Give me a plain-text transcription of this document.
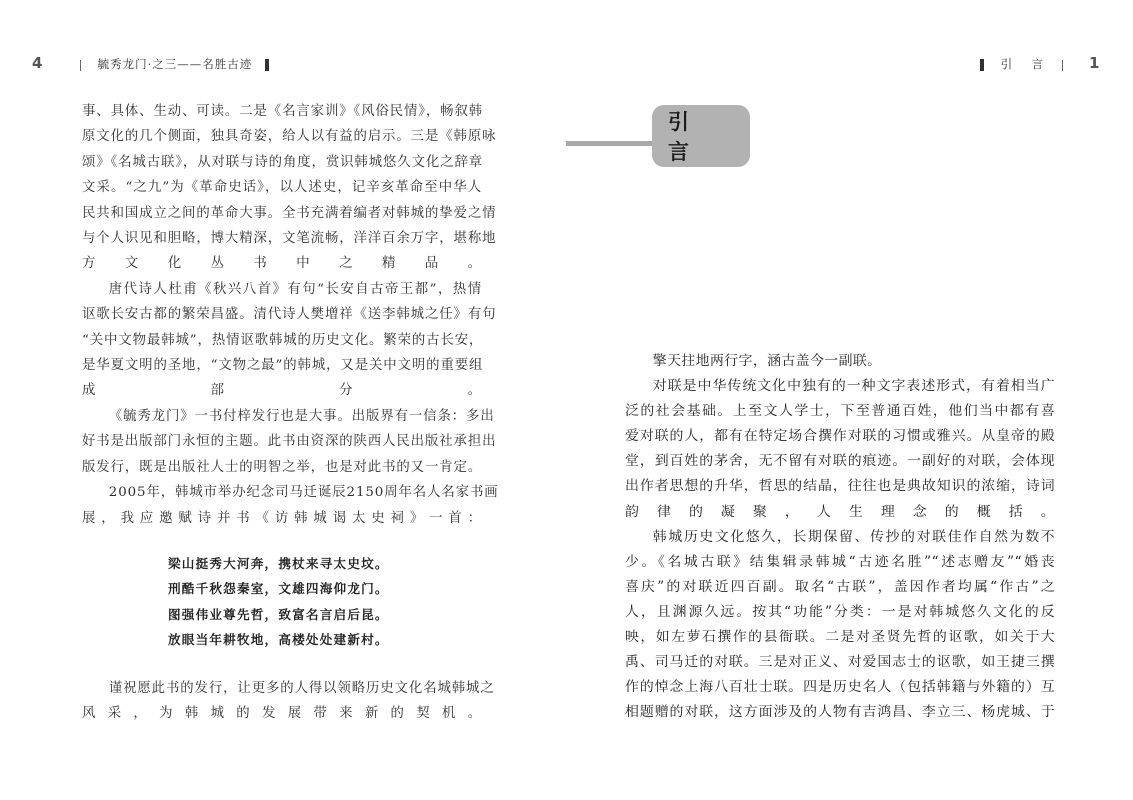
4	毓秀龙门·之三——名胜古迹	引　言	1

事、具体、生动、可读。二是《名言家训》《风俗民情》，畅叙韩
原文化的几个侧面，独具奇姿，给人以有益的启示。三是《韩原咏
颂》《名城古联》，从对联与诗的角度，赏识韩城悠久文化之辞章
文采。“之九”为《革命史话》，以人述史，记辛亥革命至中华人
民共和国成立之间的革命大事。全书充满着编者对韩城的挚爱之情
与个人识见和胆略，博大精深，文笔流畅，洋洋百余万字，堪称地
方文化丛书中之精品。

唐代诗人杜甫《秋兴八首》有句“长安自古帝王都”，热情
讴歌长安古都的繁荣昌盛。清代诗人樊增祥《送李韩城之任》有句
“关中文物最韩城”，热情讴歌韩城的历史文化。繁荣的古长安，
是华夏文明的圣地，“文物之最”的韩城，又是关中文明的重要组
成部分。

《毓秀龙门》一书付梓发行也是大事。出版界有一信条：多出
好书是出版部门永恒的主题。此书由资深的陕西人民出版社承担出
版发行，既是出版社人士的明智之举，也是对此书的又一肯定。

2005年，韩城市举办纪念司马迁诞辰2150周年名人名家书画
展，我应邀赋诗并书《访韩城谒太史祠》一首：

梁山挺秀大河奔，携杖来寻太史坟。

刑酷千秋怨秦室，文雄四海仰龙门。

图强伟业尊先哲，致富名言启后昆。

放眼当年耕牧地，高楼处处建新村。

谨祝愿此书的发行，让更多的人得以领略历史文化名城韩城之
风采，为韩城的发展带来新的契机。

引　言

擎天拄地两行字，涵古盖今一副联。

对联是中华传统文化中独有的一种文字表述形式，有着相当广
泛的社会基础。上至文人学士，下至普通百姓，他们当中都有喜
爱对联的人，都有在特定场合撰作对联的习惯或雅兴。从皇帝的殿
堂，到百姓的茅舍，无不留有对联的痕迹。一副好的对联，会体现
出作者思想的升华，哲思的结晶，往往也是典故知识的浓缩，诗词
韵律的凝聚，人生理念的概括。

韩城历史文化悠久，长期保留、传抄的对联佳作自然为数不
少。《名城古联》结集辑录韩城“古迹名胜”“述志赠友”“婚丧
喜庆”的对联近四百副。取名“古联”，盖因作者均属“作古”之
人，且渊源久远。按其“功能”分类：一是对韩城悠久文化的反
映，如左萝石撰作的县衙联。二是对圣贤先哲的讴歌，如关于大
禹、司马迁的对联。三是对正义、对爱国志士的讴歌，如王捷三撰
作的悼念上海八百壮士联。四是历史名人（包括韩籍与外籍的）互
相题赠的对联，这方面涉及的人物有吉鸿昌、李立三、杨虎城、于
